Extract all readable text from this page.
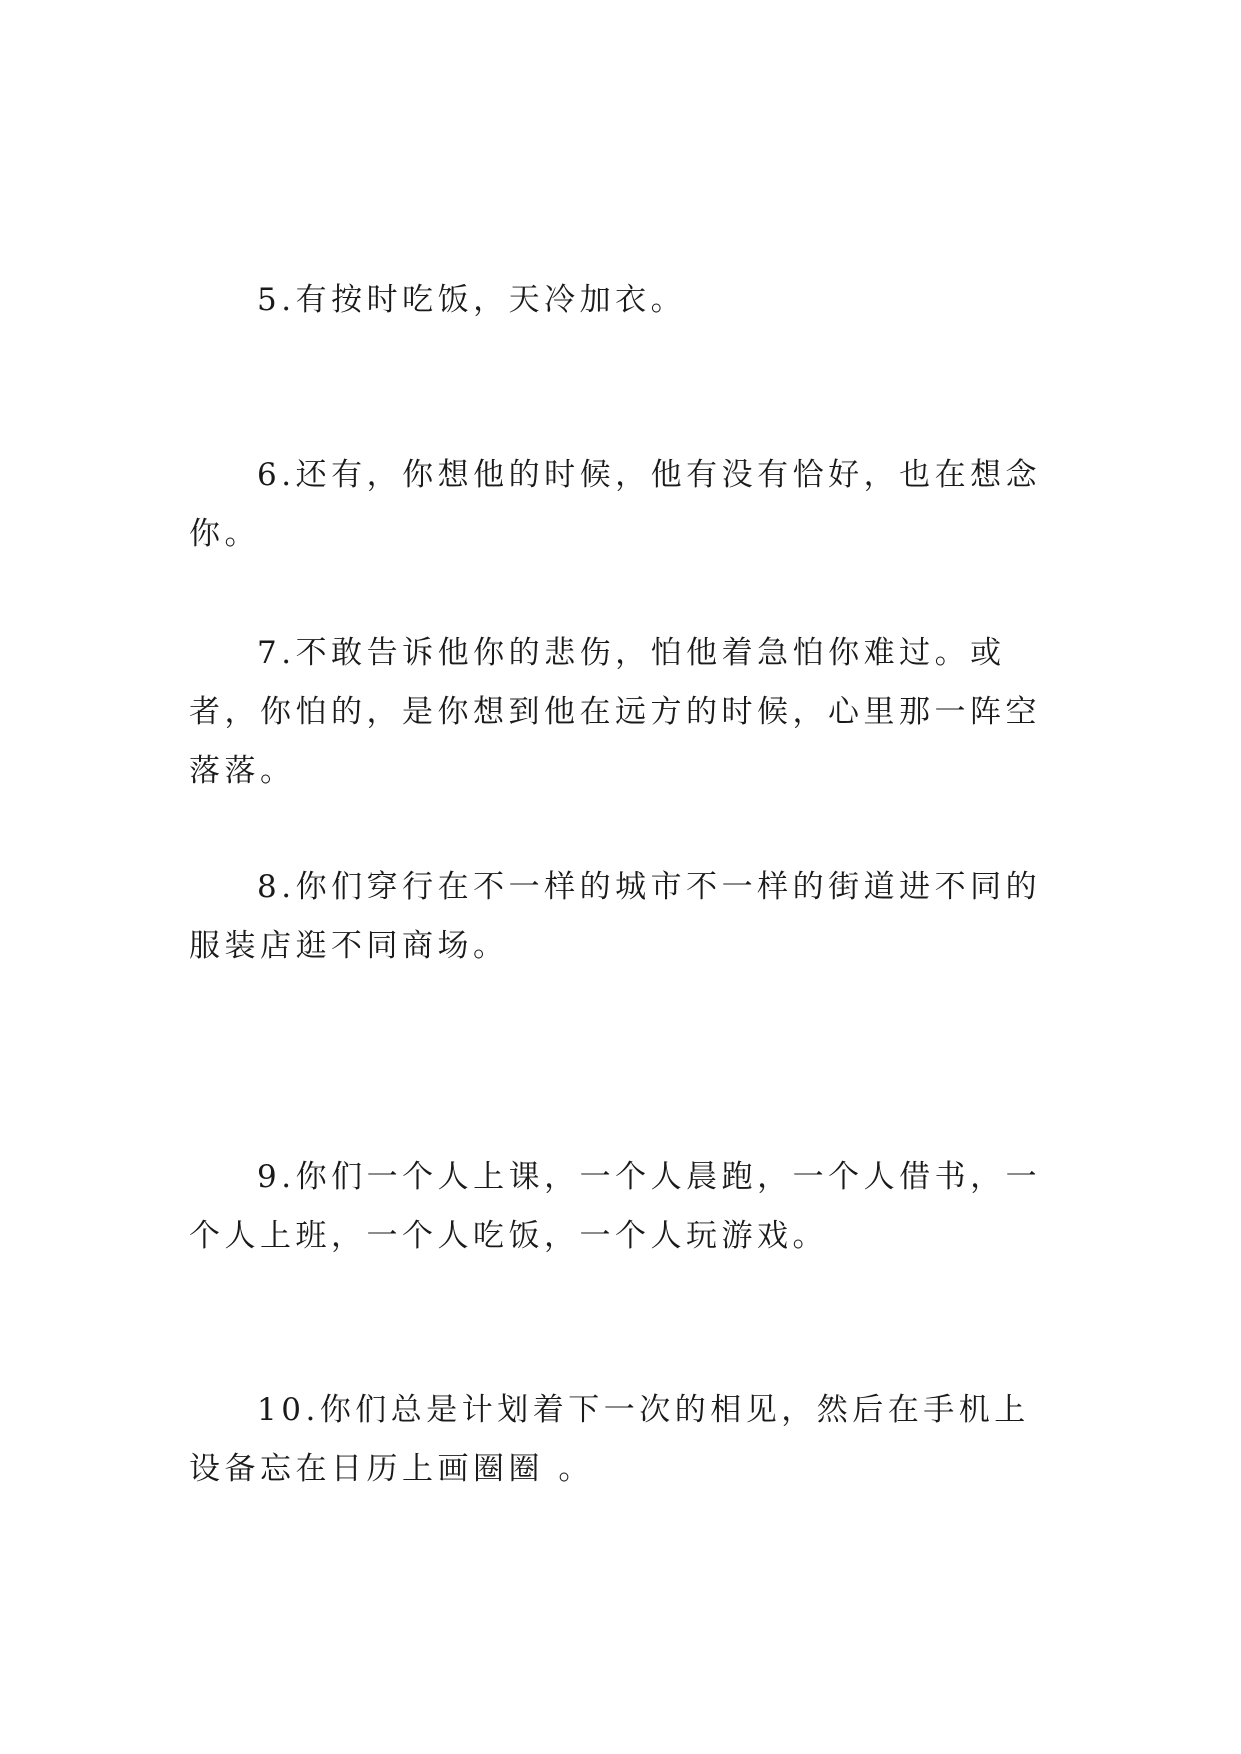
5.有按时吃饭，天冷加衣。

6.还有，你想他的时候，他有没有恰好，也在想念你。

7.不敢告诉他你的悲伤，怕他着急怕你难过。或者，你怕的，是你想到他在远方的时候，心里那一阵空落落。

8.你们穿行在不一样的城市不一样的街道进不同的服装店逛不同商场。

9.你们一个人上课，一个人晨跑，一个人借书，一个人上班，一个人吃饭，一个人玩游戏。

10.你们总是计划着下一次的相见，然后在手机上设备忘在日历上画圈圈 。
